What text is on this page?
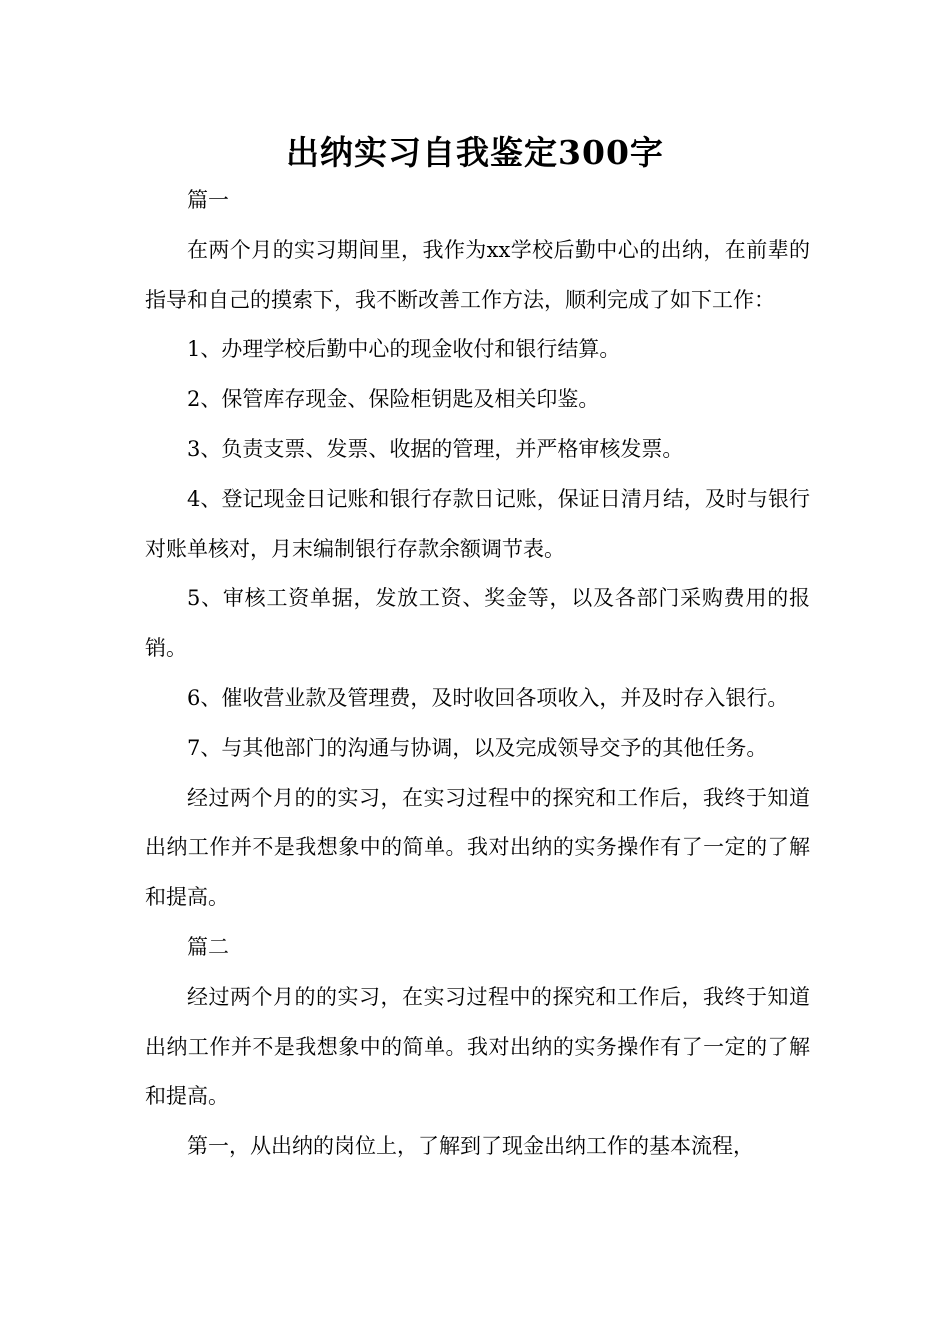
出纳实习自我鉴定300字

篇一

在两个月的实习期间里，我作为xx学校后勤中心的出纳，在前辈的指导和自己的摸索下，我不断改善工作方法，顺利完成了如下工作：

1、办理学校后勤中心的现金收付和银行结算。

2、保管库存现金、保险柜钥匙及相关印鉴。

3、负责支票、发票、收据的管理，并严格审核发票。

4、登记现金日记账和银行存款日记账，保证日清月结，及时与银行对账单核对，月末编制银行存款余额调节表。

5、审核工资单据，发放工资、奖金等，以及各部门采购费用的报销。

6、催收营业款及管理费，及时收回各项收入，并及时存入银行。

7、与其他部门的沟通与协调，以及完成领导交予的其他任务。

经过两个月的的实习，在实习过程中的探究和工作后，我终于知道出纳工作并不是我想象中的简单。我对出纳的实务操作有了一定的了解和提高。

篇二

经过两个月的的实习，在实习过程中的探究和工作后，我终于知道出纳工作并不是我想象中的简单。我对出纳的实务操作有了一定的了解和提高。

第一，从出纳的岗位上，了解到了现金出纳工作的基本流程，
